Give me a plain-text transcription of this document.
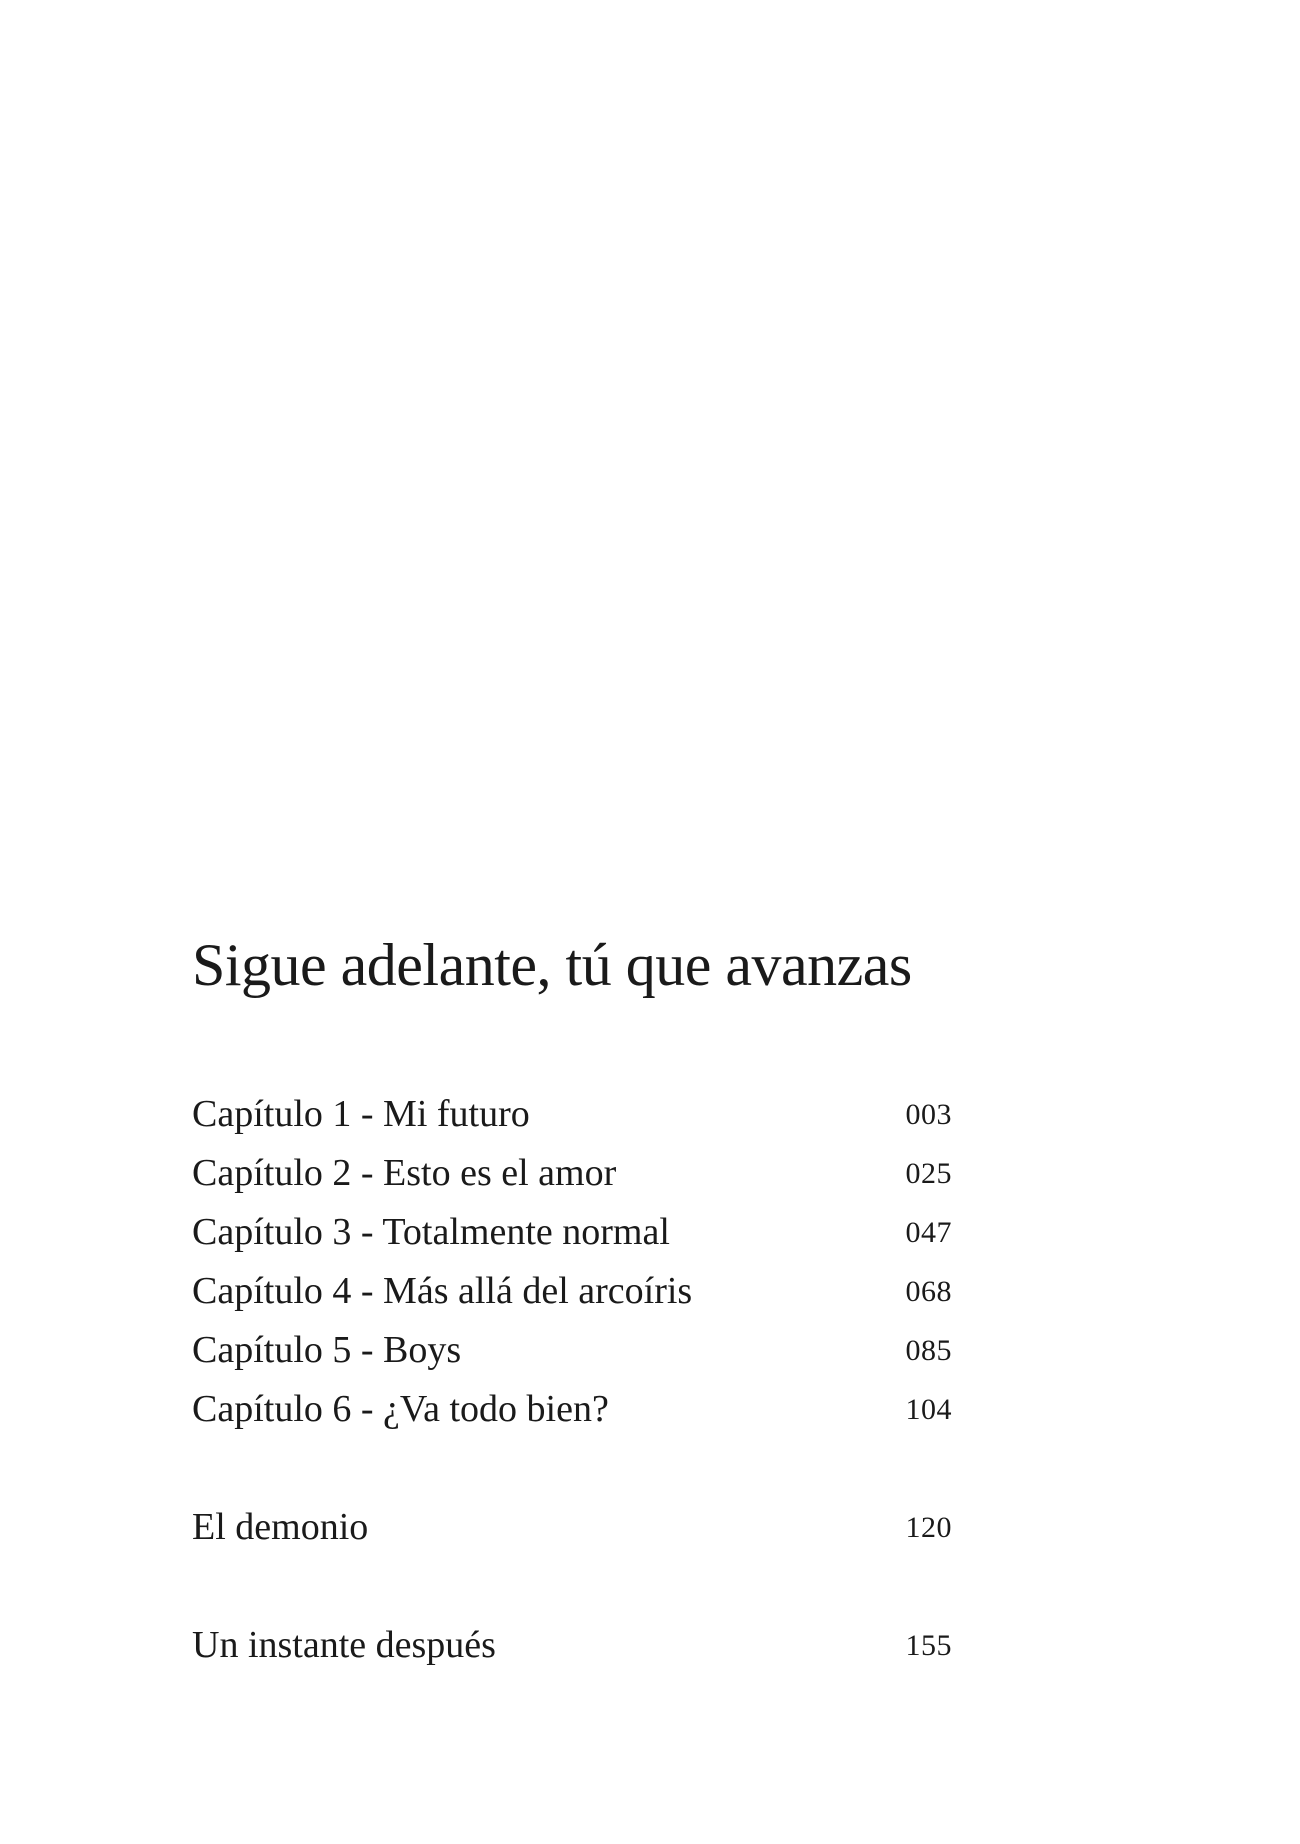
Sigue adelante, tú que avanzas
Capítulo 1 - Mi futuro	003
Capítulo 2 - Esto es el amor	025
Capítulo 3 - Totalmente normal	047
Capítulo 4 - Más allá del arcoíris	068
Capítulo 5 - Boys	085
Capítulo 6 - ¿Va todo bien?	104
El demonio	120
Un instante después	155
